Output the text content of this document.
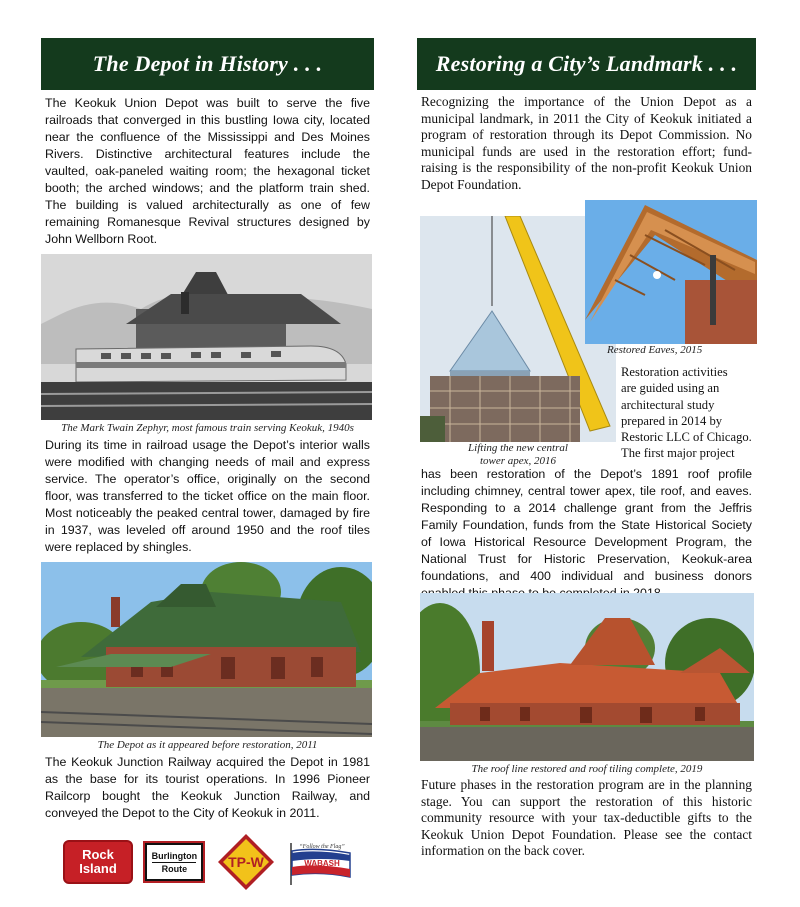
The Depot in History . . .

The Keokuk Union Depot was built to serve the five railroads that converged in this bustling Iowa city, located near the confluence of the Mississippi and Des Moines Rivers. Distinctive architectural features include the vaulted, oak-paneled waiting room; the hexagonal ticket booth; the arched windows; and the platform train shed. The building is valued architecturally as one of few remaining Romanesque Revival structures designed by John Wellborn Root.

The Mark Twain Zephyr, most famous train serving Keokuk, 1940s

During its time in railroad usage the Depot’s interior walls were modified with changing needs of mail and express service. The operator’s office, originally on the second floor, was transferred to the ticket office on the main floor. Most noticeably the peaked central tower, damaged by fire in 1937, was leveled off around 1950 and the roof tiles were replaced by shingles.

The Depot as it appeared before restoration, 2011

The Keokuk Junction Railway acquired the Depot in 1981 as the base for its tourist operations. In 1996 Pioneer Railcorp bought the Keokuk Junction Railway, and conveyed the Depot to the City of Keokuk in 2011.

Rock
Island
Burlington
Route	TP-W
“Follow the Flag”
WABASH
Restoring a City’s Landmark . . .

Recognizing the importance of the Union Depot as a municipal landmark, in 2011 the City of Keokuk initiated a program of restoration through its Depot Commission. No municipal funds are used in the restoration effort; fund-raising is the responsibility of the non-profit Keokuk Union Depot Foundation.

Restored Eaves, 2015
Lifting the new central
tower apex, 2016
Restoration activities
are guided using an
architectural study
prepared in 2014 by
Restoric LLC of Chicago.
The first major project

has been restoration of the Depot’s 1891 roof profile including chimney, central tower apex, tile roof, and eaves. Responding to a 2014 challenge grant from the Jeffris Family Foundation, funds from the State Historical Society of Iowa Historical Resource Development Program, the National Trust for Historic Preservation, Keokuk-area foundations, and 400 individual and business donors

The roof line restored and roof tiling complete, 2019

Future phases in the restoration program are in the planning stage. You can support the restoration of this historic community resource with your tax-deductible gifts to the Keokuk Union Depot Foundation. Please see the contact information on the back cover.
